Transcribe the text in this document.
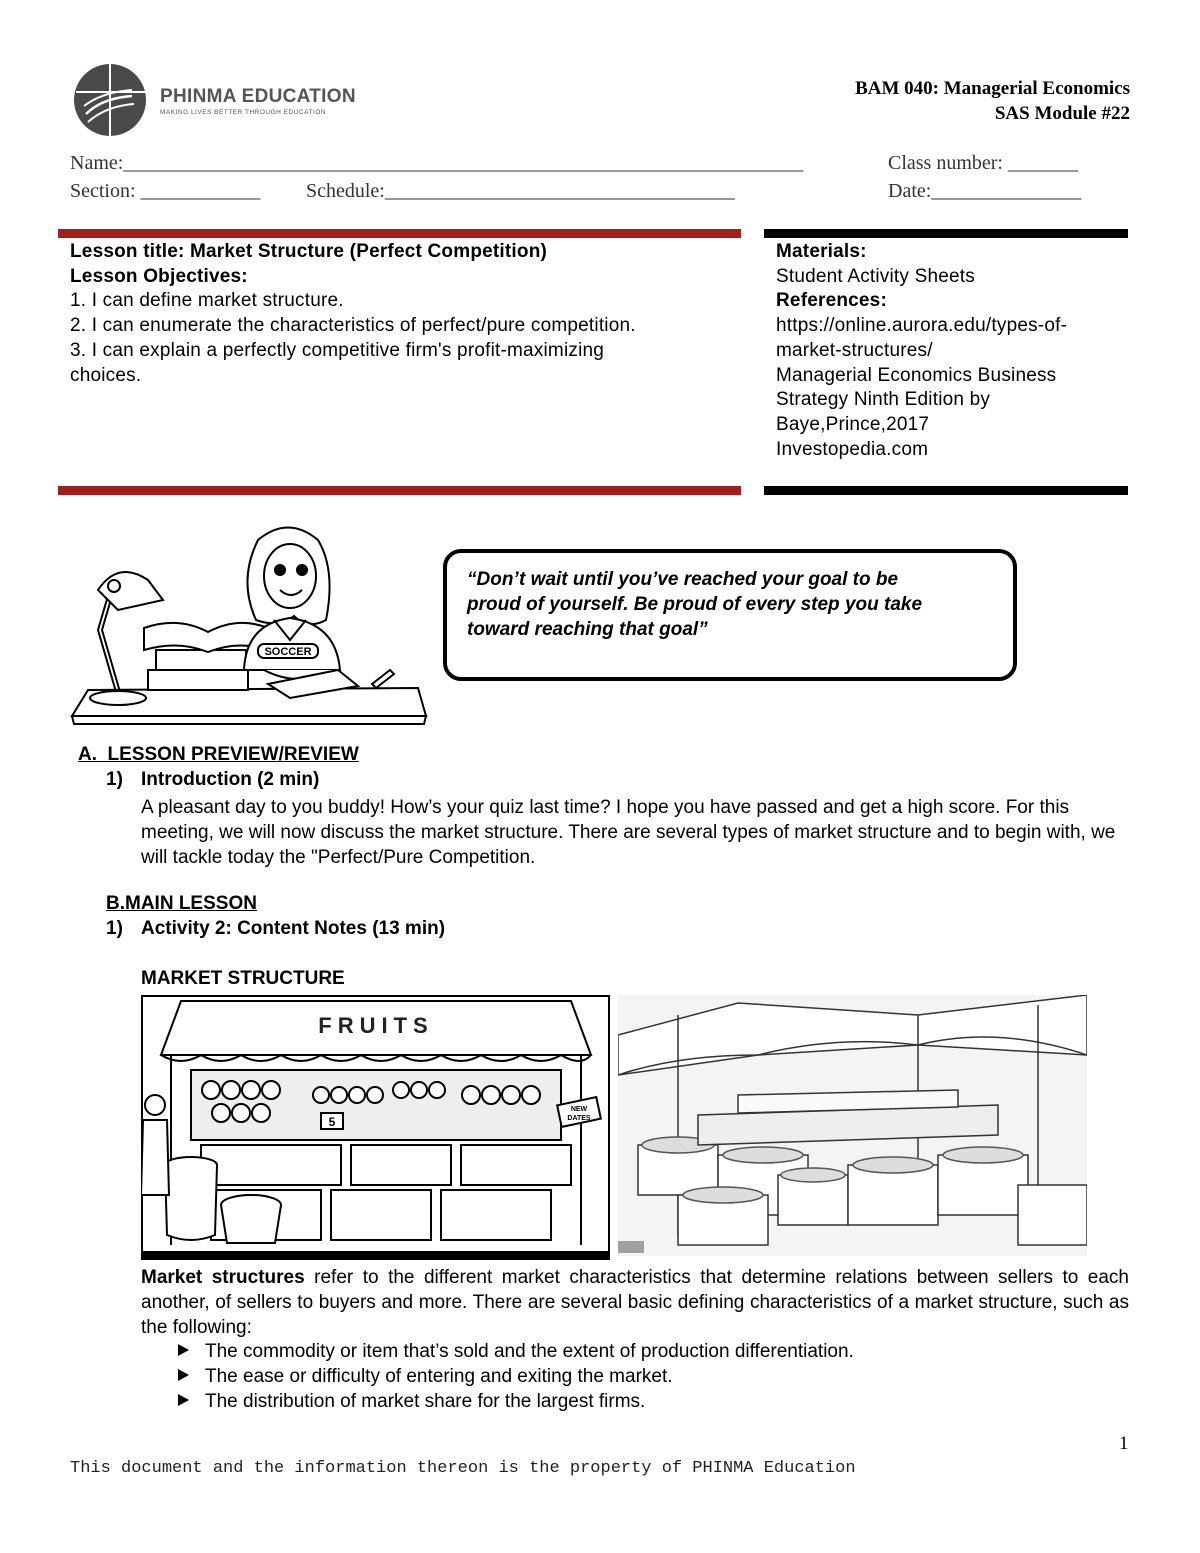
PHINMA EDUCATION
MAKING LIVES BETTER THROUGH EDUCATION
BAM 040: Managerial Economics
SAS Module #22
Name:____________________________________________________________________	Class number: _______
Section: ____________ Schedule:___________________________________	Date:_______________
Lesson title: Market Structure (Perfect Competition)
Lesson Objectives:
1. I can define market structure.
2. I can enumerate the characteristics of perfect/pure competition.
3. I can explain a perfectly competitive firm's profit-maximizing
choices.
Materials:
Student Activity Sheets
References:
https://online.aurora.edu/types-of-
market-structures/
Managerial Economics Business
Strategy Ninth Edition by
Baye,Prince,2017
Investopedia.com
SOCCER
“Don’t wait until you’ve reached your goal to be
proud of yourself. Be proud of every step you take
toward reaching that goal”
A.  LESSON PREVIEW/REVIEW
1) Introduction (2 min)
A pleasant day to you buddy! How’s your quiz last time? I hope you have passed and get a high score. For this meeting, we will now discuss the market structure. There are several types of market structure and to begin with, we will tackle today the "Perfect/Pure Competition.
B.MAIN LESSON
1) Activity 2: Content Notes (13 min)
MARKET STRUCTURE
FRUITS
5
NEW
DATES
Market structures refer to the different market characteristics that determine relations between sellers to each another, of sellers to buyers and more. There are several basic defining characteristics of a market structure, such as the following:
The commodity or item that’s sold and the extent of production differentiation.
The ease or difficulty of entering and exiting the market.
The distribution of market share for the largest firms.
1
This document and the information thereon is the property of PHINMA Education
